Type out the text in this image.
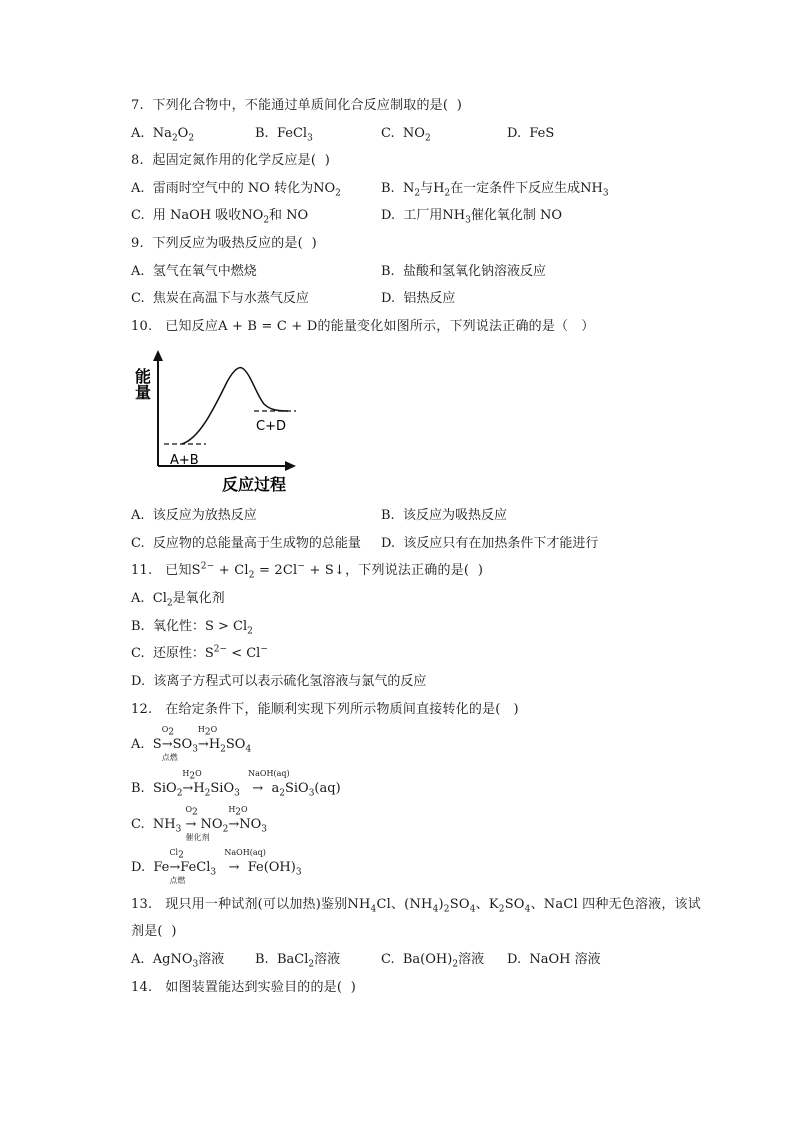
7.  下列化合物中，不能通过单质间化合反应制取的是(  )
A. $Na_2O_2$	B. FeCl$_3$	C. $NO_2$	D. FeS
8.  起固定氮作用的化学反应是(  )
A.  雷雨时空气中的 NO 转化为$NO_2$	B.  $N_2$与$H_2$在一定条件下反应生成$NH_3$
C.  用 NaOH 吸收$NO_2$和 NO	D.  工厂用$NH_3$催化氧化制 NO
9.  下列反应为吸热反应的是(  )
A.  氢气在氧气中燃烧	B.  盐酸和氢氧化钠溶液反应
C.  焦炭在高温下与水蒸气反应	D.  铝热反应
10.   已知反应A + B = C + D的能量变化如图所示，下列说法正确的是（   ）
能量
A+B
C+D
反应过程
A.  该反应为放热反应	B.  该反应为吸热反应
C.  反应物的总能量高于生成物的总能量 D.  该反应只有在加热条件下才能进行
11.   已知$S^{2-} + Cl_2 = 2Cl^-$ + S↓，下列说法正确的是(  )
A.  $Cl_2$是氧化剂
B.  氧化性：$S > Cl_2$
C.  还原性：$S^{2-} < Cl^-$
D.  该离子方程式可以表示硫化氢溶液与氯气的反应
12.   在给定条件下，能顺利实现下列所示物质间直接转化的是(   )
A. S
$O_2$
→
点燃
$SO_3$
$H_2O$
$\to H_2SO_4$
B. SiO$_2$
$H_2O$
$\to H_2SiO_3$
NaOH(aq)
→  $a_2SiO_3(aq)$
C. $NH_3$
$O_2$
→
催化剂
$NO_2$
$H_2O$
$\to NO_3$
D. Fe
$Cl_2$
→
点燃
FeCl$_3$
NaOH(aq)
→  $Fe(OH)_3$
13.   现只用一种试剂(可以加热)鉴别$NH_4Cl$、$(NH_4)_2SO_4$、$K_2SO_4$、NaCl 四种无色溶液，该试
剂是(  )
A.  AgNO$_3$溶液 B.  BaCl$_2$溶液	C.  $Ba(OH)_2$溶液 D.  NaOH 溶液
14.   如图装置能达到实验目的的是(  )
